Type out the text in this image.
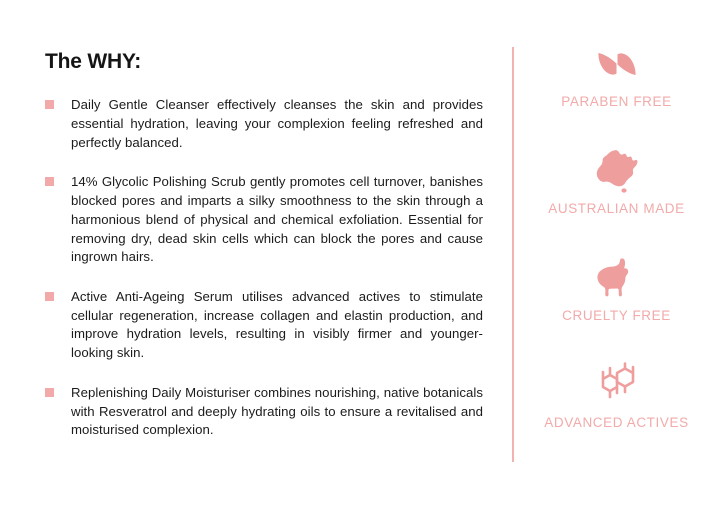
The WHY:
Daily Gentle Cleanser effectively cleanses the skin and provides essential hydration, leaving your complexion feeling refreshed and perfectly balanced.
14% Glycolic Polishing Scrub gently promotes cell turnover, banishes blocked pores and imparts a silky smoothness to the skin through a harmonious blend of physical and chemical exfoliation. Essential for removing dry, dead skin cells which can block the pores and cause ingrown hairs.
Active Anti-Ageing Serum utilises advanced actives to stimulate cellular regeneration, increase collagen and elastin production, and improve hydration levels, resulting in visibly firmer and younger-looking skin.
Replenishing Daily Moisturiser combines nourishing, native botanicals with Resveratrol and deeply hydrating oils to ensure a revitalised and moisturised complexion.
PARABEN FREE
AUSTRALIAN MADE
CRUELTY FREE
ADVANCED ACTIVES
